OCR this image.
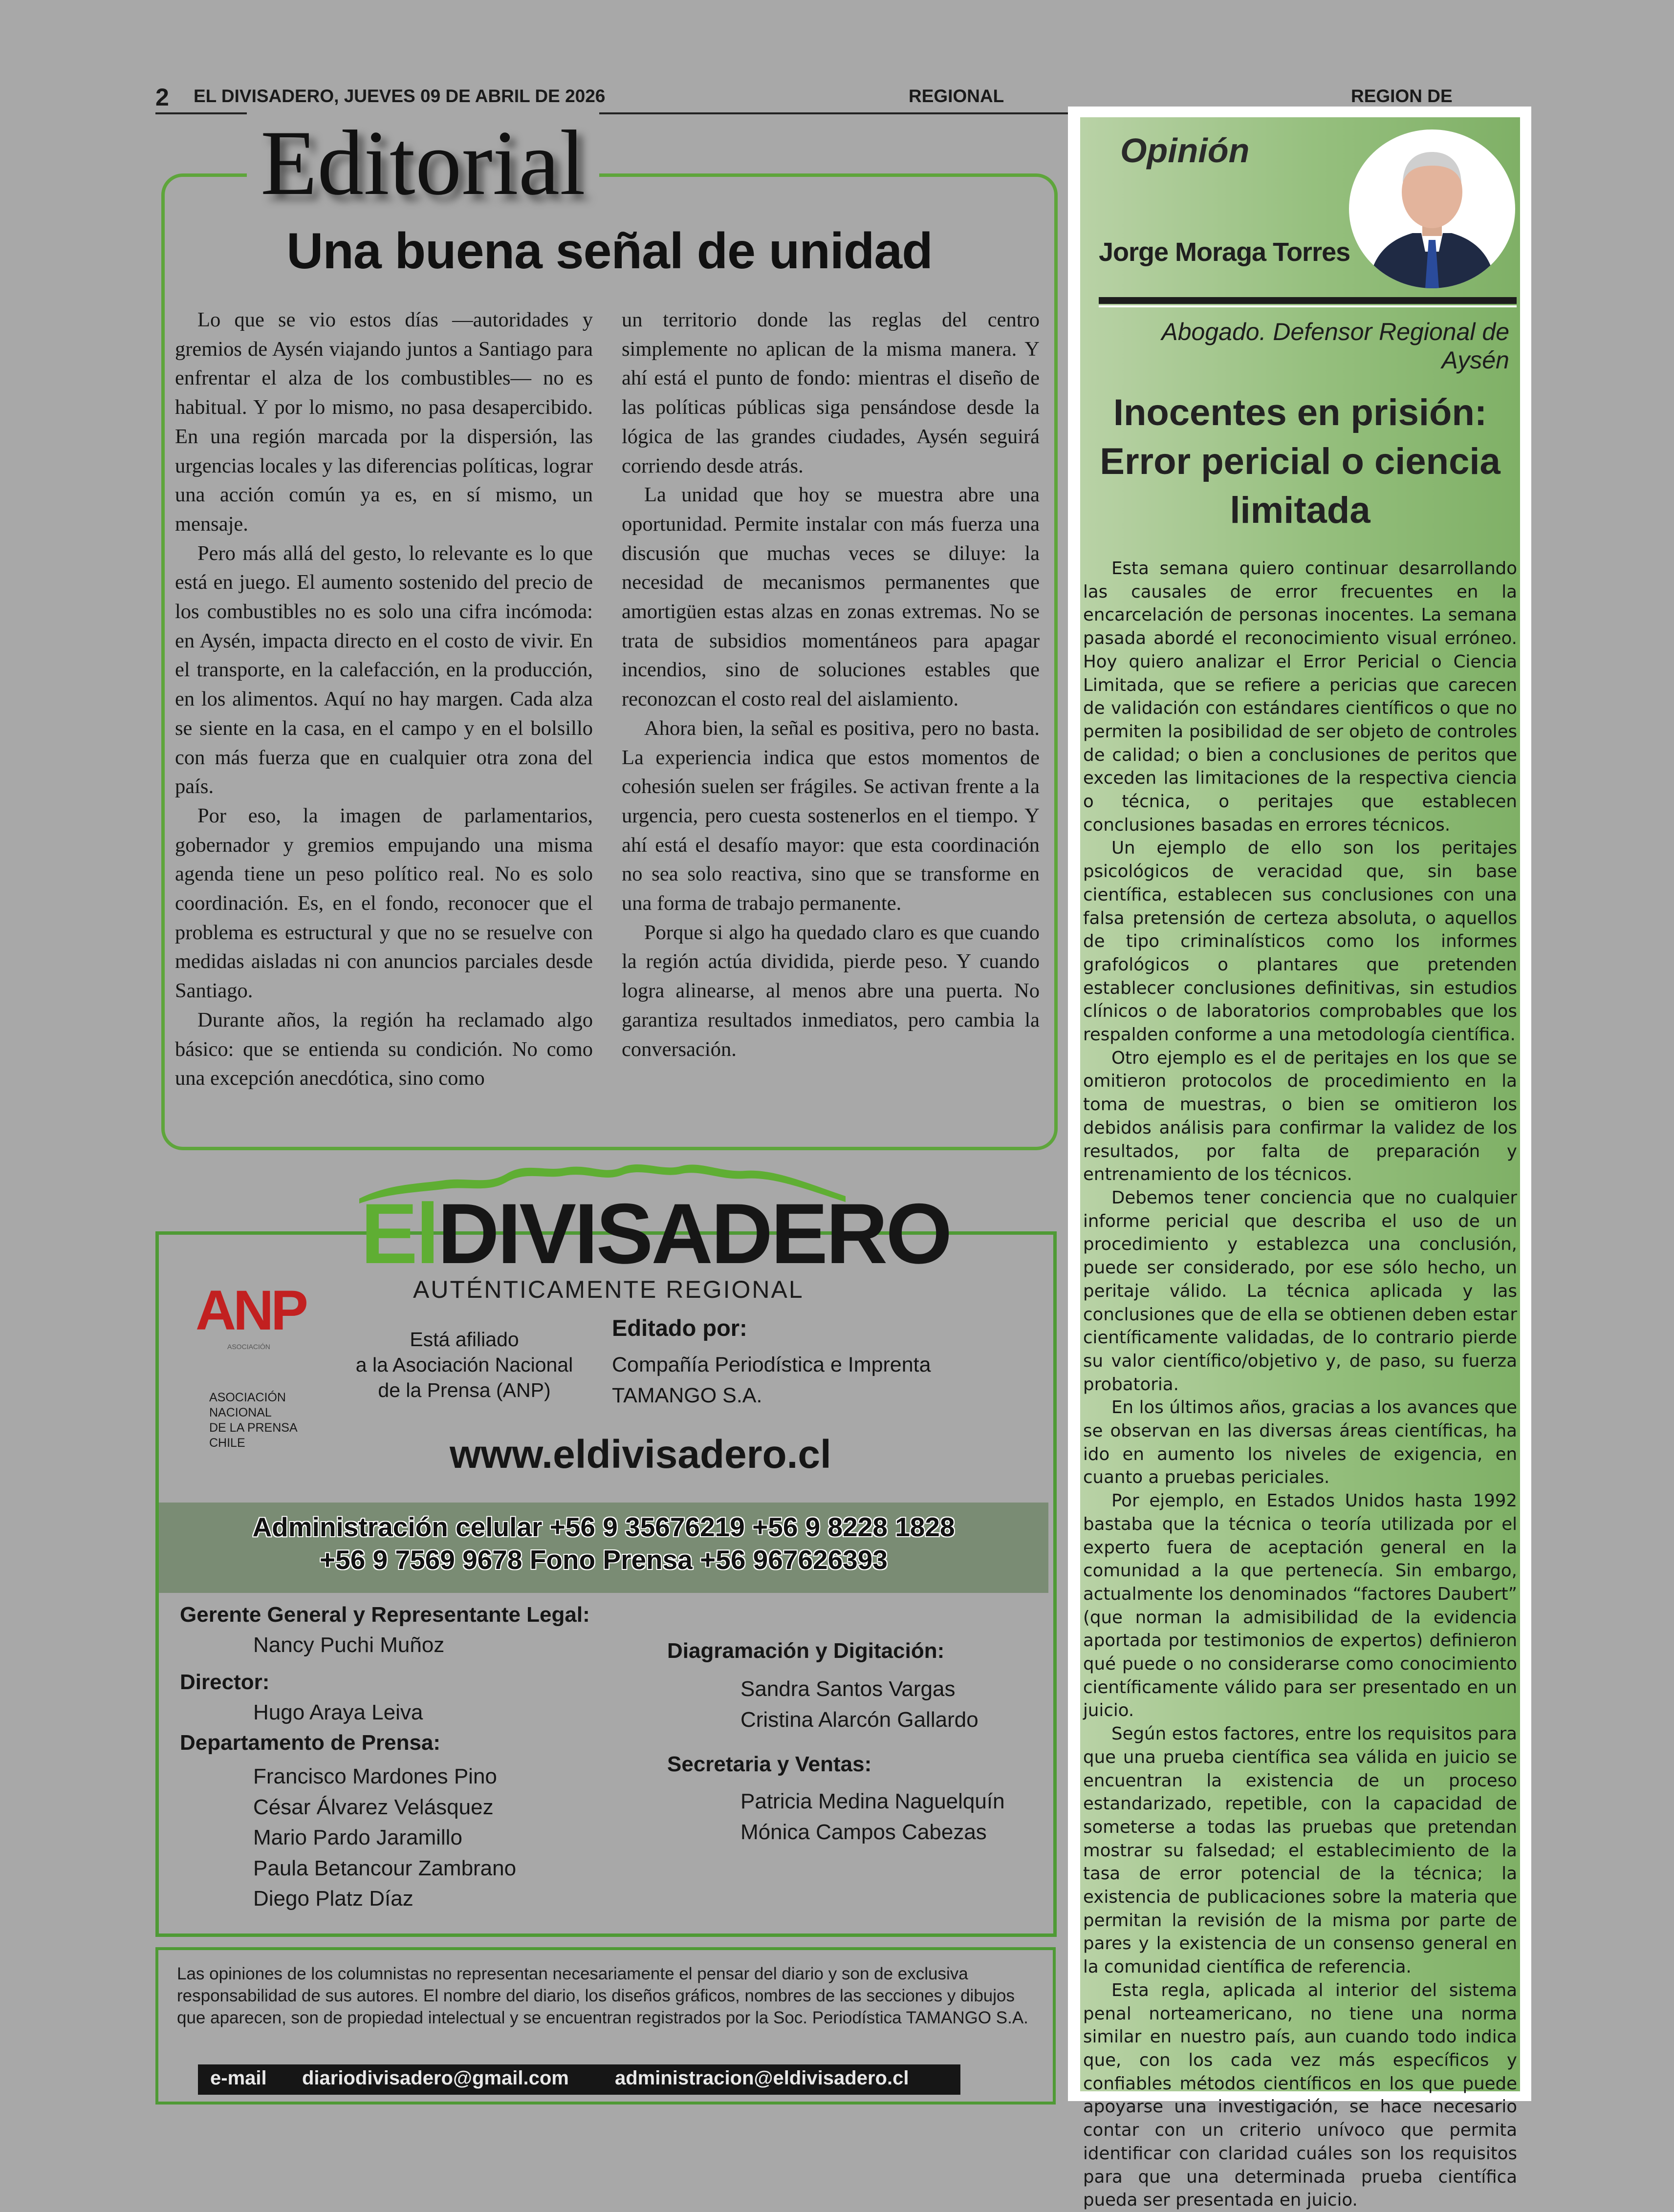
2 EL DIVISADERO, JUEVES 09 DE ABRIL DE 2026	REGIONAL	REGION DE
Editorial
Una buena señal de unidad

Lo que se vio estos días —autoridades y gremios de Aysén viajando juntos a Santiago para enfrentar el alza de los combustibles— no es habitual. Y por lo mismo, no pasa desapercibido. En una región marcada por la dispersión, las urgencias locales y las diferencias políticas, lograr una acción común ya es, en sí mismo, un mensaje.

Pero más allá del gesto, lo relevante es lo que está en juego. El aumento sostenido del precio de los combustibles no es solo una cifra incómoda: en Aysén, impacta directo en el costo de vivir. En el transporte, en la calefacción, en la producción, en los alimentos. Aquí no hay margen. Cada alza se siente en la casa, en el campo y en el bolsillo con más fuerza que en cualquier otra zona del país.

Por eso, la imagen de parlamentarios, gobernador y gremios empujando una misma agenda tiene un peso político real. No es solo coordinación. Es, en el fondo, reconocer que el problema es estructural y que no se resuelve con medidas aisladas ni con anuncios parciales desde Santiago.

Durante años, la región ha reclamado algo básico: que se entienda su condición. No como una excepción anecdótica, sino como

un territorio donde las reglas del centro simplemente no aplican de la misma manera. Y ahí está el punto de fondo: mientras el diseño de las políticas públicas siga pensándose desde la lógica de las grandes ciudades, Aysén seguirá corriendo desde atrás.

La unidad que hoy se muestra abre una oportunidad. Permite instalar con más fuerza una discusión que muchas veces se diluye: la necesidad de mecanismos permanentes que amortigüen estas alzas en zonas extremas. No se trata de subsidios momentáneos para apagar incendios, sino de soluciones estables que reconozcan el costo real del aislamiento.

Ahora bien, la señal es positiva, pero no basta. La experiencia indica que estos momentos de cohesión suelen ser frágiles. Se activan frente a la urgencia, pero cuesta sostenerlos en el tiempo. Y ahí está el desafío mayor: que esta coordinación no sea solo reactiva, sino que se transforme en una forma de trabajo permanente.

Porque si algo ha quedado claro es que cuando la región actúa dividida, pierde peso. Y cuando logra alinearse, al menos abre una puerta. No garantiza resultados inmediatos, pero cambia la conversación.

ElDIVISADERO
AUTÉNTICAMENTE REGIONAL
ANP
ASOCIACIÓN
ASOCIACIÓN
NACIONAL
DE LA PRENSA
CHILE
Está afiliado
a la Asociación Nacional
de la Prensa (ANP)
Editado por:
Compañía Periodística e Imprenta
TAMANGO S.A.
www.eldivisadero.cl
Administración celular +56 9 35676219 +56 9 8228 1828
+56 9 7569 9678 Fono Prensa +56 967626393
Gerente General y Representante Legal:
Nancy Puchi Muñoz
Director:
Hugo Araya Leiva
Departamento de Prensa:
Francisco Mardones Pino
César Álvarez Velásquez
Mario Pardo Jaramillo
Paula Betancour Zambrano
Diego Platz Díaz
Diagramación y Digitación:
Sandra Santos Vargas
Cristina Alarcón Gallardo
Secretaria y Ventas:
Patricia Medina Naguelquín
Mónica Campos Cabezas
Las opiniones de los columnistas no representan necesariamente el pensar del diario y son de exclusiva responsabilidad de sus autores. El nombre del diario, los diseños gráficos, nombres de las secciones y dibujos que aparecen, son de propiedad intelectual y se encuentran registrados por la Soc. Periodística TAMANGO S.A.
e-mail diariodivisadero@gmail.com administracion@eldivisadero.cl
Opinión
Jorge Moraga Torres
Abogado. Defensor Regional de Aysén
Inocentes en prisión:
Error pericial o ciencia
limitada

Esta semana quiero continuar desarrollando las causales de error frecuentes en la encarcelación de personas inocentes. La semana pasada abordé el reconocimiento visual erróneo. Hoy quiero analizar el Error Pericial o Ciencia Limitada, que se refiere a pericias que carecen de validación con estándares científicos o que no permiten la posibilidad de ser objeto de controles de calidad; o bien a conclusiones de peritos que exceden las limitaciones de la respectiva ciencia o técnica, o peritajes que establecen conclusiones basadas en errores técnicos.

Un ejemplo de ello son los peritajes psicológicos de veracidad que, sin base científica, establecen sus conclusiones con una falsa pretensión de certeza absoluta, o aquellos de tipo criminalísticos como los informes grafológicos o plantares que pretenden establecer conclusiones definitivas, sin estudios clínicos o de laboratorios comprobables que los respalden conforme a una metodología científica.

Otro ejemplo es el de peritajes en los que se omitieron protocolos de procedimiento en la toma de muestras, o bien se omitieron los debidos análisis para confirmar la validez de los resultados, por falta de preparación y entrenamiento de los técnicos.

Debemos tener conciencia que no cualquier informe pericial que describa el uso de un procedimiento y establezca una conclusión, puede ser considerado, por ese sólo hecho, un peritaje válido. La técnica aplicada y las conclusiones que de ella se obtienen deben estar científicamente validadas, de lo contrario pierde su valor científico/objetivo y, de paso, su fuerza probatoria.

En los últimos años, gracias a los avances que se observan en las diversas áreas científicas, ha ido en aumento los niveles de exigencia, en cuanto a pruebas periciales.

Por ejemplo, en Estados Unidos hasta 1992 bastaba que la técnica o teoría utilizada por el experto fuera de aceptación general en la comunidad a la que pertenecía. Sin embargo, actualmente los denominados “factores Daubert” (que norman la admisibilidad de la evidencia aportada por testimonios de expertos) definieron qué puede o no considerarse como conocimiento científicamente válido para ser presentado en un juicio.

Según estos factores, entre los requisitos para que una prueba científica sea válida en juicio se encuentran la existencia de un proceso estandarizado, repetible, con la capacidad de someterse a todas las pruebas que pretendan mostrar su falsedad; el establecimiento de la tasa de error potencial de la técnica; la existencia de publicaciones sobre la materia que permitan la revisión de la misma por parte de pares y la existencia de un consenso general en la comunidad científica de referencia.

Esta regla, aplicada al interior del sistema penal norteamericano, no tiene una norma similar en nuestro país, aun cuando todo indica que, con los cada vez más específicos y confiables métodos científicos en los que puede apoyarse una investigación, se hace necesario contar con un criterio unívoco que permita identificar con claridad cuáles son los requisitos para que una determinada prueba científica pueda ser presentada en juicio.
